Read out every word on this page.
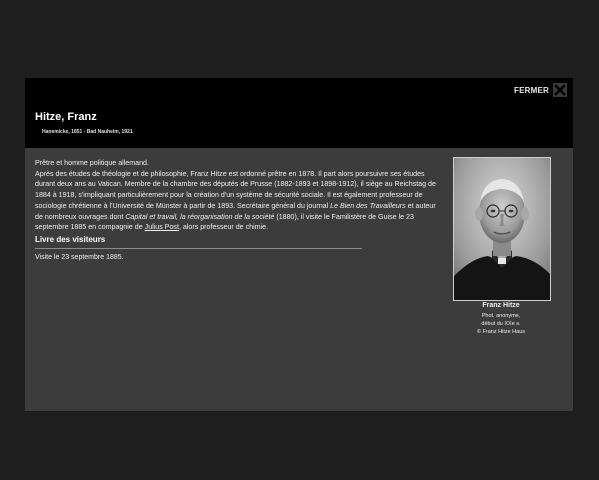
FERMER
Hitze, Franz
Hanemicke, 1851 - Bad Nauheim, 1921

Prêtre et homme politique allemand.

Après des études de théologie et de philosophie, Franz Hitze est ordonné prêtre en 1878. Il part alors poursuivre ses études durant deux ans au Vatican. Membre de la chambre des députés de Prusse (1882-1893 et 1898-1912), il siège au Reichstag de 1884 à 1918, s'impliquant particulièrement pour la création d'un système de sécurité sociale. Il est également professeur de sociologie chrétienne à l'Université de Münster à partir de 1893. Secrétaire général du journal Le Bien des Travailleurs et auteur de nombreux ouvrages dont Capital et travail, la réorganisation de la société (1880), il visite le Familistère de Guise le 23 septembre 1885 en compagnie de Julius Post, alors professeur de chimie.

Livre des visiteurs
Visite le 23 septembre 1885.
Franz Hitze
Phot. anonyme,
début du XXe s.
© Franz Hitze Haus
